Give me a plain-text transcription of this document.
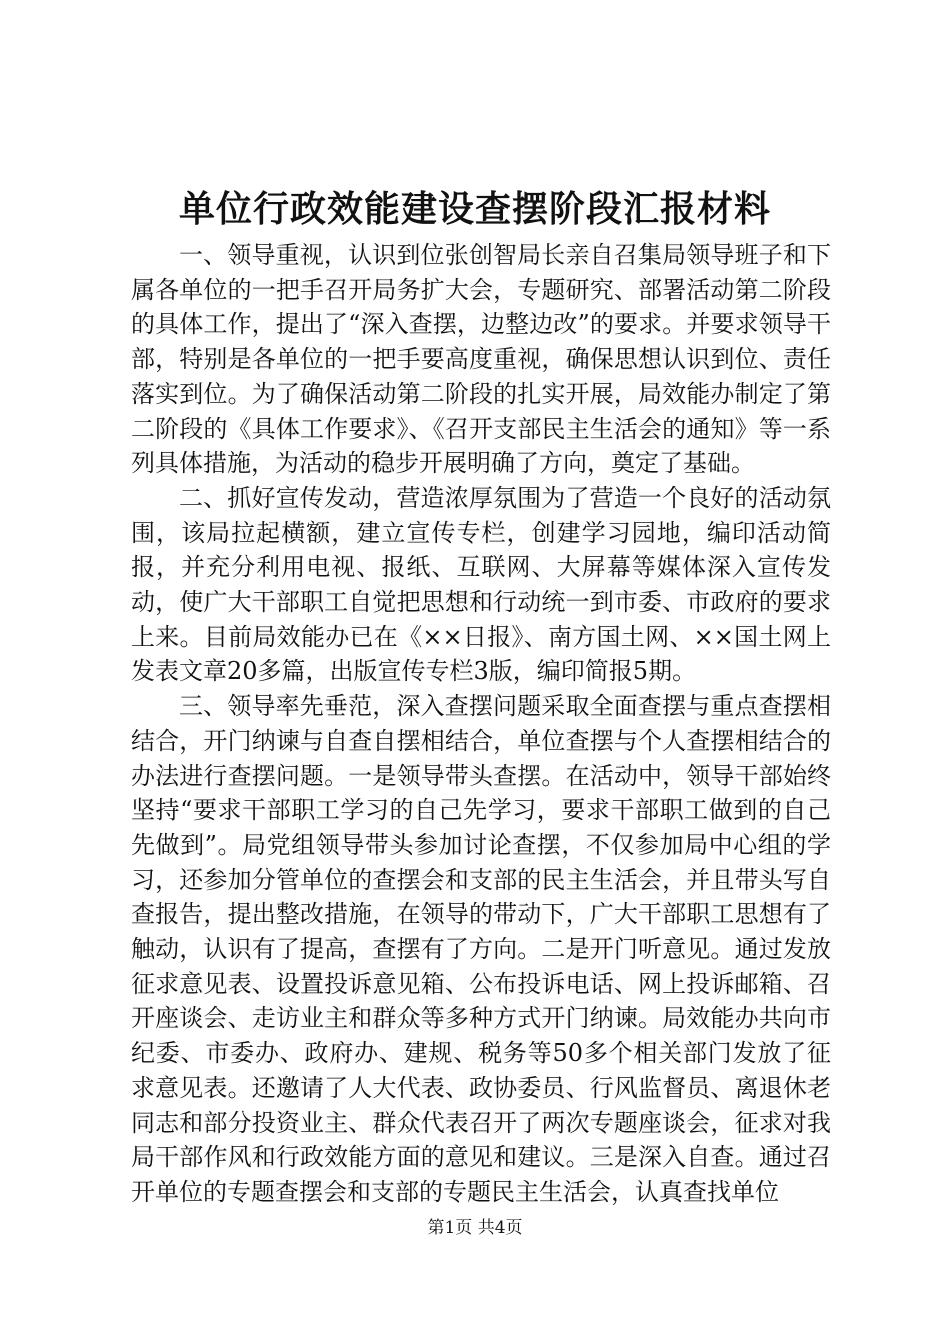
单位行政效能建设查摆阶段汇报材料

一、领导重视，认识到位张创智局长亲自召集局领导班子和下属各单位的一把手召开局务扩大会，专题研究、部署活动第二阶段的具体工作，提出了“深入查摆，边整边改”的要求。并要求领导干部，特别是各单位的一把手要高度重视，确保思想认识到位、责任落实到位。为了确保活动第二阶段的扎实开展，局效能办制定了第二阶段的《具体工作要求》、《召开支部民主生活会的通知》等一系列具体措施，为活动的稳步开展明确了方向，奠定了基础。

二、抓好宣传发动，营造浓厚氛围为了营造一个良好的活动氛围，该局拉起横额，建立宣传专栏，创建学习园地，编印活动简报，并充分利用电视、报纸、互联网、大屏幕等媒体深入宣传发动，使广大干部职工自觉把思想和行动统一到市委、市政府的要求上来。目前局效能办已在《××日报》、南方国土网、××国土网上发表文章20多篇，出版宣传专栏3版，编印简报5期。

三、领导率先垂范，深入查摆问题采取全面查摆与重点查摆相结合，开门纳谏与自查自摆相结合，单位查摆与个人查摆相结合的办法进行查摆问题。一是领导带头查摆。在活动中，领导干部始终坚持“要求干部职工学习的自己先学习，要求干部职工做到的自己先做到”。局党组领导带头参加讨论查摆，不仅参加局中心组的学习，还参加分管单位的查摆会和支部的民主生活会，并且带头写自查报告，提出整改措施，在领导的带动下，广大干部职工思想有了触动，认识有了提高，查摆有了方向。二是开门听意见。通过发放征求意见表、设置投诉意见箱、公布投诉电话、网上投诉邮箱、召开座谈会、走访业主和群众等多种方式开门纳谏。局效能办共向市纪委、市委办、政府办、建规、税务等50多个相关部门发放了征求意见表。还邀请了人大代表、政协委员、行风监督员、离退休老同志和部分投资业主、群众代表召开了两次专题座谈会，征求对我局干部作风和行政效能方面的意见和建议。三是深入自查。通过召开单位的专题查摆会和支部的专题民主生活会，认真查找单位

第1页 共4页
